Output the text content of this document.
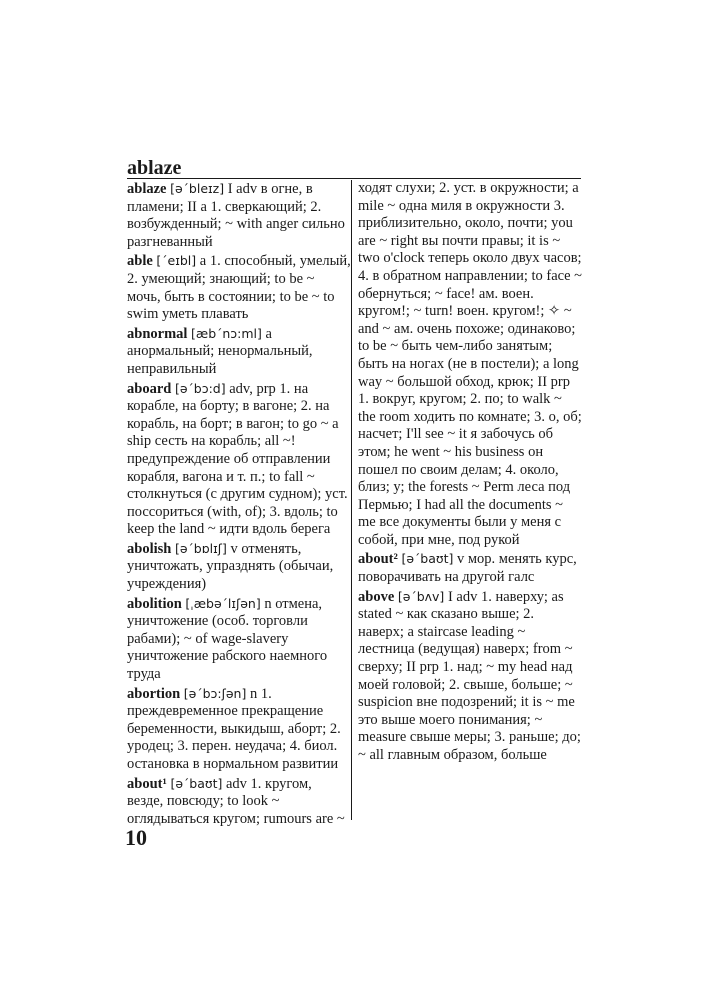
ablaze

ablaze [ə´bleɪz] I adv в огне, в пламени; II a 1. сверкающий; 2. возбужденный; ~ with anger сильно разгневанный

able [´eɪbl] a 1. способный, умелый, 2. умеющий; знающий; to be ~ мочь, быть в состоянии; to be ~ to swim уметь плавать

abnormal [æb´nɔ:ml] a анормальный; ненормальный, неправильный

aboard [ə´bɔ:d] adv, prp 1. на корабле, на борту; в вагоне; 2. на корабль, на борт; в вагон; to go ~ a ship сесть на корабль; all ~! предупреждение об отправлении корабля, вагона и т. п.; to fall ~ столкнуться (с другим судном); уст. поссориться (with, of); 3. вдоль; to keep the land ~ идти вдоль берега

abolish [ə´bɒlɪʃ] v отменять, уничтожать, упразднять (обычаи, учреждения)

abolition [ˌæbə´lɪʃən] n отмена, уничтожение (особ. торговли рабами); ~ of wage-slavery уничтожение рабского наемного труда

abortion [ə´bɔ:ʃən] n 1. преждевременное прекращение беременности, выкидыш, аборт; 2. уродец; 3. перен. неудача; 4. биол. остановка в нормальном развитии

about¹ [ə´baʊt] adv 1. кругом, везде, повсюду; to look ~ оглядываться кругом; rumours are ~

ходят слухи; 2. уст. в окружности; a mile ~ одна миля в окружности 3. приблизительно, около, почти; you are ~ right вы почти правы; it is ~ two o'clock теперь около двух часов; 4. в обратном направлении; to face ~ обернуться; ~ face! ам. воен. кругом!; ~ turn! воен. кругом!; ✧ ~ and ~ ам. очень похоже; одинаково; to be ~ быть чем-либо занятым; быть на ногах (не в постели); a long way ~ большой обход, крюк; II prp 1. вокруг, кругом; 2. по; to walk ~ the room ходить по комнате; 3. о, об; насчет; I'll see ~ it я забочусь об этом; he went ~ his business он пошел по своим делам; 4. около, близ; у; the forests ~ Perm леса под Пермью; I had all the documents ~ me все документы были у меня с собой, при мне, под рукой

about² [ə´baʊt] v мор. менять курс, поворачивать на другой галс

above [ə´bʌv] I adv 1. наверху; as stated ~ как сказано выше; 2. наверх; a staircase leading ~ лестница (ведущая) наверх; from ~ сверху; II prp 1. над; ~ my head над моей головой; 2. свыше, больше; ~ suspicion вне подозрений; it is ~ me это выше моего понимания; ~ measure свыше меры; 3. раньше; до; ~ all главным образом, больше

10
